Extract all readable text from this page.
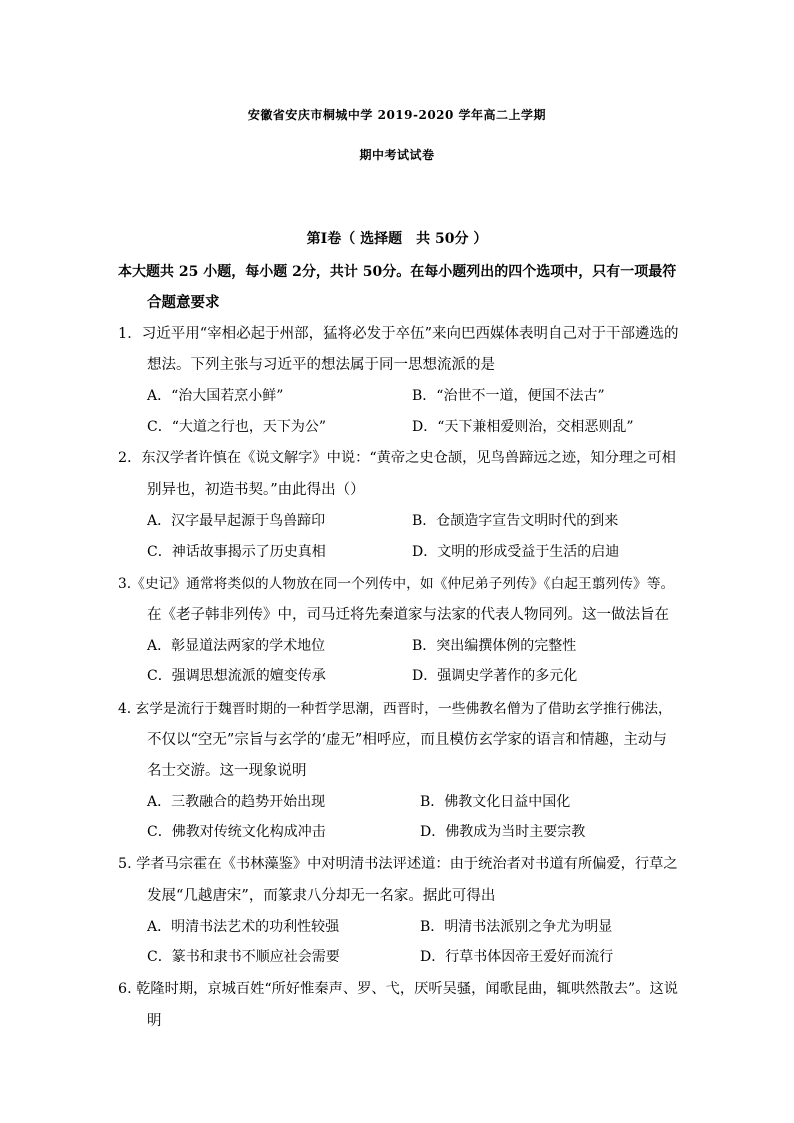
安徽省安庆市桐城中学 2019-2020 学年高二上学期
期中考试试卷
第Ⅰ卷（ 选择题　共 50分 ）
本大题共 25 小题，每小题 2分，共计 50分。在每小题列出的四个选项中，只有一项最符
合题意要求
1．习近平用“宰相必起于州部，猛将必发于卒伍”来向巴西媒体表明自己对于干部遴选的
想法。下列主张与习近平的想法属于同一思想流派的是
A．“治大国若烹小鲜”	B．“治世不一道，便国不法古”
C．“大道之行也，天下为公”	D．“天下兼相爱则治，交相恶则乱”
2．东汉学者许慎在《说文解字》中说：“黄帝之史仓颉，见鸟兽蹄远之迹，知分理之可相
别异也，初造书契。”由此得出（）
A．汉字最早起源于鸟兽蹄印	B．仓颉造字宣告文明时代的到来
C．神话故事揭示了历史真相	D．文明的形成受益于生活的启迪
3.《史记》通常将类似的人物放在同一个列传中，如《仲尼弟子列传》《白起王翦列传》等。
在《老子韩非列传》中，司马迁将先秦道家与法家的代表人物同列。这一做法旨在
A．彰显道法两家的学术地位	B．突出编撰体例的完整性
C．强调思想流派的嬗变传承	D．强调史学著作的多元化
4. 玄学是流行于魏晋时期的一种哲学思潮，西晋时，一些佛教名僧为了借助玄学推行佛法，
不仅以“空无”宗旨与玄学的‘虚无”相呼应，而且模仿玄学家的语言和情趣，主动与
名士交游。这一现象说明
A．三教融合的趋势开始出现	B．佛教文化日益中国化
C．佛教对传统文化构成冲击	D．佛教成为当时主要宗教
5. 学者马宗霍在《书林藻鉴》中对明清书法评述道：由于统治者对书道有所偏爱，行草之
发展“几越唐宋”，而篆隶八分却无一名家。据此可得出
A．明清书法艺术的功利性较强	B．明清书法派别之争尤为明显
C．篆书和隶书不顺应社会需要	D．行草书体因帝王爱好而流行
6. 乾隆时期，京城百姓“所好惟秦声、罗、弋，厌听吴骚，闻歌昆曲，辄哄然散去”。这说
明
